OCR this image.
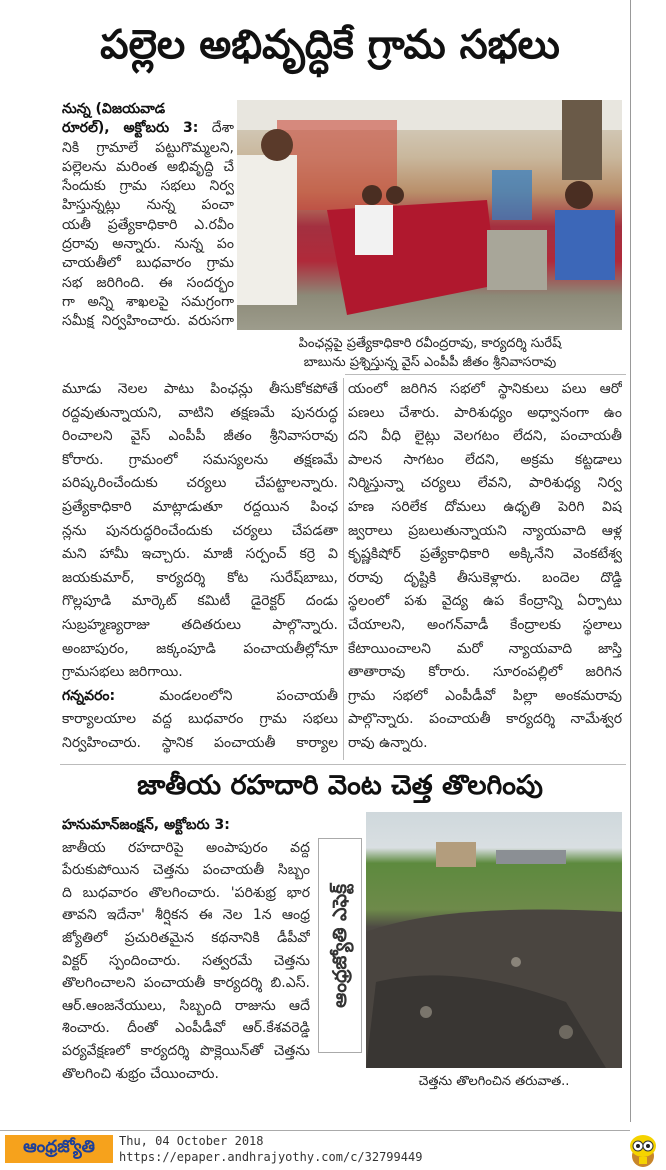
పల్లెల అభివృద్ధికే గ్రామ సభలు
నున్న (విజయవాడ
రూరల్), అక్టోబరు 3: దేశా
నికి గ్రామాలే పట్టుగొమ్మలని,
పల్లెలను మరింత అభివృద్ధి చే
సేందుకు గ్రామ సభలు నిర్వ
హిస్తున్నట్లు నున్న పంచా
యతీ ప్రత్యేకాధికారి ఎ.రవీం
ద్రరావు అన్నారు. నున్న పం
చాయతీలో బుధవారం గ్రామ
సభ జరిగింది. ఈ సందర్భం
గా అన్ని శాఖలపై సమగ్రంగా
సమీక్ష నిర్వహించారు. వరుసగా
పింఛన్లపై ప్రత్యేకాధికారి రవీంద్రరావు, కార్యదర్శి సురేష్
బాబును ప్రశ్నిస్తున్న వైస్ ఎంపీపీ జీతం శ్రీనివాసరావు
మూడు నెలల పాటు పింఛన్లు తీసుకోకపోతే
రద్దవుతున్నాయని, వాటిని తక్షణమే పునరుద్ధ
రించాలని వైస్ ఎంపీపీ జీతం శ్రీనివాసరావు
కోరారు. గ్రామంలో సమస్యలను తక్షణమే
పరిష్కరించేందుకు చర్యలు చేపట్టాలన్నారు.
ప్రత్యేకాధికారి మాట్లాడుతూ రద్దయిన పింఛ
న్లను పునరుద్ధరించేందుకు చర్యలు చేపడతా
మని హామీ ఇచ్చారు. మాజీ సర్పంచ్ కర్రె వి
జయకుమార్, కార్యదర్శి కోట సురేష్‌బాబు,
గొల్లపూడి మార్కెట్ కమిటీ డైరెక్టర్ దండు
సుబ్రహ్మణ్యరాజు తదితరులు పాల్గొన్నారు.
అంబాపురం, జక్కంపూడి పంచాయతీల్లోనూ
గ్రామసభలు జరిగాయి.
గన్నవరం: మండలంలోని పంచాయతీ
కార్యాలయాల వద్ద బుధవారం గ్రామ సభలు
నిర్వహించారు. స్థానిక పంచాయతీ కార్యాల
యంలో జరిగిన సభలో స్థానికులు పలు ఆరో
పణలు చేశారు. పారిశుధ్యం అధ్వానంగా ఉం
దని వీధి లైట్లు వెలగటం లేదని, పంచాయతీ
పాలన సాగటం లేదని, అక్రమ కట్టడాలు
నిర్మిస్తున్నా చర్యలు లేవని, పారిశుధ్య నిర్వ
హణ సరిలేక దోమలు ఉధృతి పెరిగి విష
జ్వరాలు ప్రబలుతున్నాయని న్యాయవాది ఆళ్ల
కృష్ణకిషోర్ ప్రత్యేకాధికారి అక్కినేని వెంకటేశ్వ
రరావు దృష్టికి తీసుకెళ్లారు. బందెల దొడ్డి
స్థలంలో పశు వైద్య ఉప కేంద్రాన్ని ఏర్పాటు
చేయాలని, అంగన్‌వాడీ కేంద్రాలకు స్థలాలు
కేటాయించాలని మరో న్యాయవాది జాస్తి
తాతారావు కోరారు. సూరంపల్లిలో జరిగిన
గ్రామ సభలో ఎంపీడీవో పిల్లా అంకమరావు
పాల్గొన్నారు. పంచాయతీ కార్యదర్శి నామేశ్వర
రావు ఉన్నారు.
జాతీయ రహదారి వెంట చెత్త తొలగింపు
హనుమాన్‌జంక్షన్, అక్టోబరు 3:
జాతీయ రహదారిపై అంపాపురం వద్ద
పేరుకుపోయిన చెత్తను పంచాయతీ సిబ్బం
ది బుధవారం తొలగించారు. 'పరిశుభ్ర భార
తావని ఇదేనా' శీర్షికన ఈ నెల 1న ఆంధ్ర
జ్యోతిలో ప్రచురితమైన కథనానికి డీపీవో
విక్టర్ స్పందించారు. సత్వరమే చెత్తను
తొలగించాలని పంచాయతీ కార్యదర్శి బి.ఎస్.
ఆర్.ఆంజనేయులు, సిబ్బంది రాజును ఆదే
శించారు. దీంతో ఎంపీడీవో ఆర్.కేశవరెడ్డి
పర్యవేక్షణలో కార్యదర్శి పొక్లెయిన్‌తో చెత్తను
తొలగించి శుభ్రం చేయించారు.
ఆంధ్రజ్యోతి ఎఫెక్ట్
చెత్తను తొలగించిన తరువాత..
ఆంధ్రజ్యోతి Thu, 04 October 2018
https://epaper.andhrajyothy.com/c/32799449
